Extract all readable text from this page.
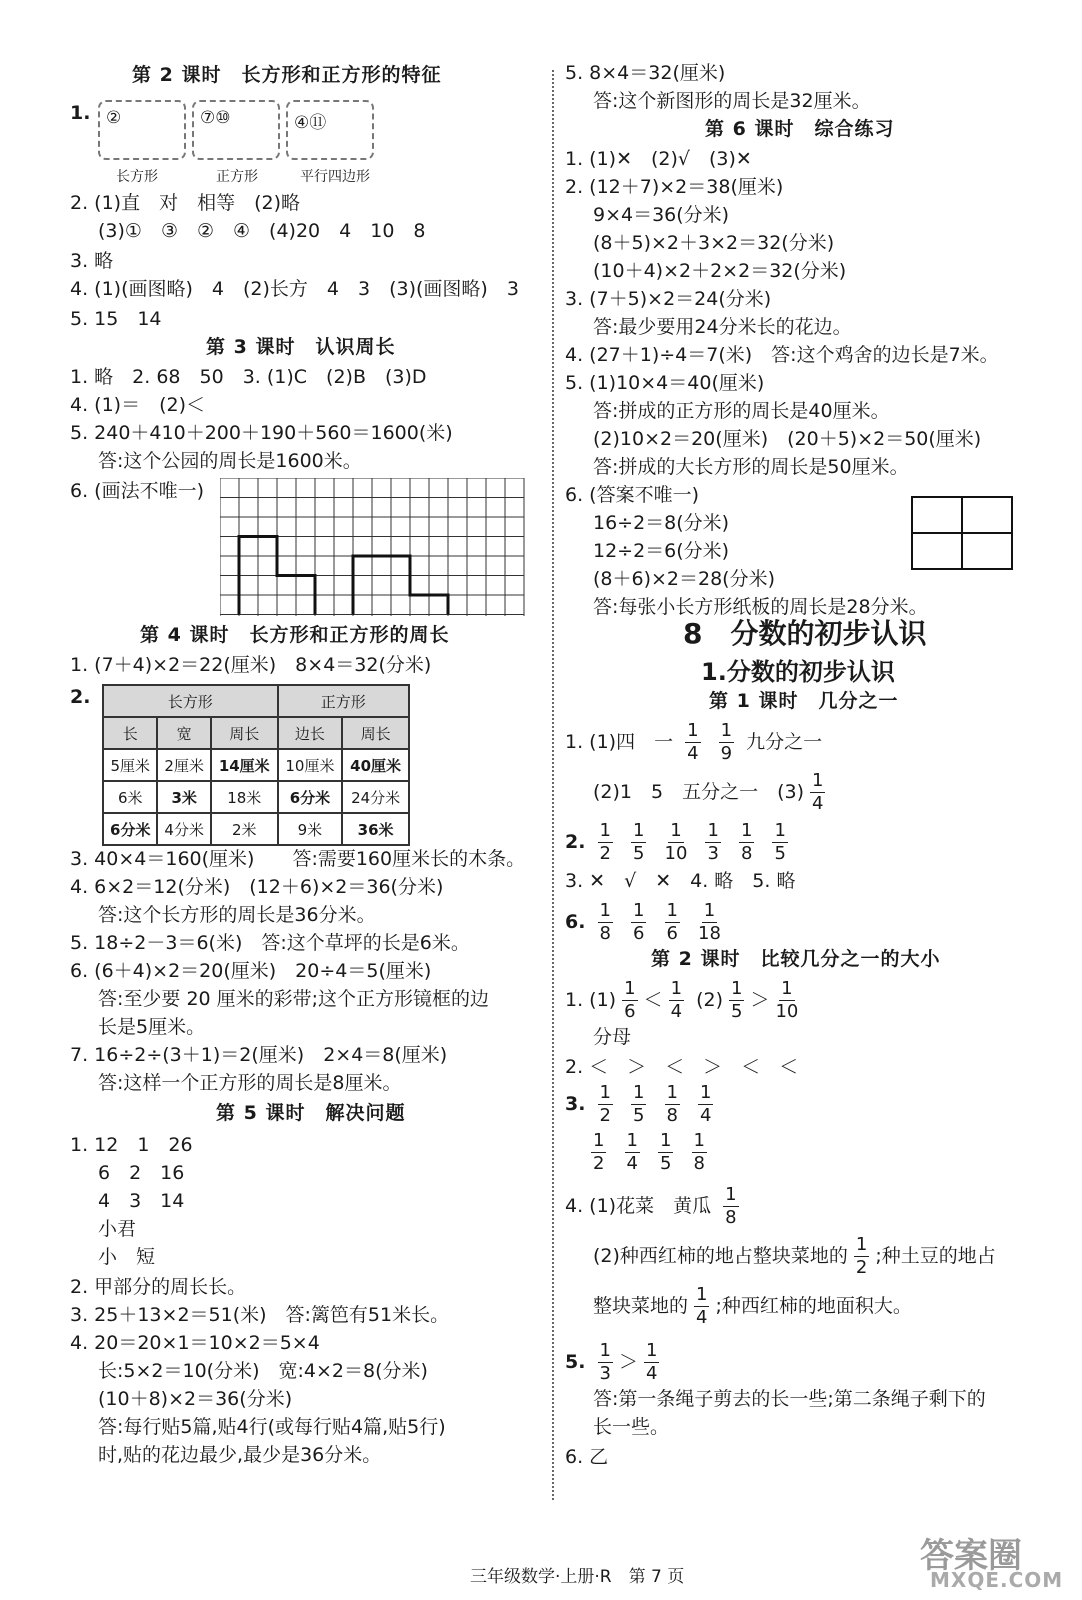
第 2 课时　长方形和正方形的特征
1. ②	⑦⑩	④⑪
长方形	正方形	平行四边形
2. (1)直　对　相等　(2)略
(3)①　③　②　④　(4)20　4　10　8
3. 略
4. (1)(画图略)　4　(2)长方　4　3　(3)(画图略)　3
5. 15　14
第 3 课时　认识周长
1. 略　2. 68　50　3. (1)C　(2)B　(3)D
4. (1)＝　(2)＜
5. 240＋410＋200＋190＋560＝1600(米)
答:这个公园的周长是1600米。
6. (画法不唯一)
第 4 课时　长方形和正方形的周长
1. (7＋4)×2＝22(厘米)　8×4＝32(分米)
2.	长方形			正方形	
长	宽	周长	边长	周长
5厘米	2厘米	14厘米	10厘米	40厘米
6米	3米	18米	6分米	24分米
6分米	4分米	2米	9米	36米
3. 40×4＝160(厘米)　　答:需要160厘米长的木条。
4. 6×2＝12(分米)　(12＋6)×2＝36(分米)
答:这个长方形的周长是36分米。
5. 18÷2－3＝6(米)　答:这个草坪的长是6米。
6. (6＋4)×2＝20(厘米)　20÷4＝5(厘米)
答:至少要 20 厘米的彩带;这个正方形镜框的边
长是5厘米。
7. 16÷2÷(3＋1)＝2(厘米)　2×4＝8(厘米)
答:这样一个正方形的周长是8厘米。
第 5 课时　解决问题
1. 12　1　26
6　2　16
4　3　14
小君
小　短
2. 甲部分的周长长。
3. 25＋13×2＝51(米)　答:篱笆有51米长。
4. 20＝20×1＝10×2＝5×4
长:5×2＝10(分米)　宽:4×2＝8(分米)
(10＋8)×2＝36(分米)
答:每行贴5篇,贴4行(或每行贴4篇,贴5行)
时,贴的花边最少,最少是36分米。
5. 8×4＝32(厘米)
答:这个新图形的周长是32厘米。
第 6 课时　综合练习
1. (1)✕　(2)√　(3)✕
2. (12＋7)×2＝38(厘米)
9×4＝36(分米)
(8＋5)×2＋3×2＝32(分米)
(10＋4)×2＋2×2＝32(分米)
3. (7＋5)×2＝24(分米)
答:最少要用24分米长的花边。
4. (27＋1)÷4＝7(米)　答:这个鸡舍的边长是7米。
5. (1)10×4＝40(厘米)
答:拼成的正方形的周长是40厘米。
(2)10×2＝20(厘米)　(20＋5)×2＝50(厘米)
答:拼成的大长方形的周长是50厘米。
6. (答案不唯一)
16÷2＝8(分米)
12÷2＝6(分米)
(8＋6)×2＝28(分米)
答:每张小长方形纸板的周长是28分米。
8　分数的初步认识
1.分数的初步认识
第 1 课时　几分之一
1. (1)四　一 $\frac{1}{4}$
$\frac{1}{9}$ 九分之一
(2)1　5　五分之一　$(3) \frac{1}{4}$
2. $\frac{1}{2}$
$\frac{1}{5}$
$\frac{1}{10}$
$\frac{1}{3}$
$\frac{1}{8}$
$\frac{1}{5}$
3. ✕　√　✕　4. 略　5. 略
6. $\frac{1}{8}$
$\frac{1}{6}$
$\frac{1}{6}$
$\frac{1}{18}$
第 2 课时　比较几分之一的大小
1. $(1) \frac{1}{6} < \frac{1}{4} (2) \frac{1}{5} > \frac{1}{10}$
分母
2. ＜　＞　＜　＞　＜　＜
3. $\frac{1}{2}$
$\frac{1}{5}$
$\frac{1}{8}$
$\frac{1}{4}$
$\frac{1}{2}$
$\frac{1}{4}$
$\frac{1}{5}$
$\frac{1}{8}$
4. (1)花菜　黄瓜 $\frac{1}{8}$
(2)种西红柿的地占整块菜地的 $\frac{1}{2}$ ;种土豆的地占
整块菜地的 $\frac{1}{4}$ ;种西红柿的地面积大。
5. $\frac{1}{3} > \frac{1}{4}$
答:第一条绳子剪去的长一些;第二条绳子剩下的
长一些。
6. 乙
三年级数学·上册·R　第 7 页
答案圈
MXQE.COM
